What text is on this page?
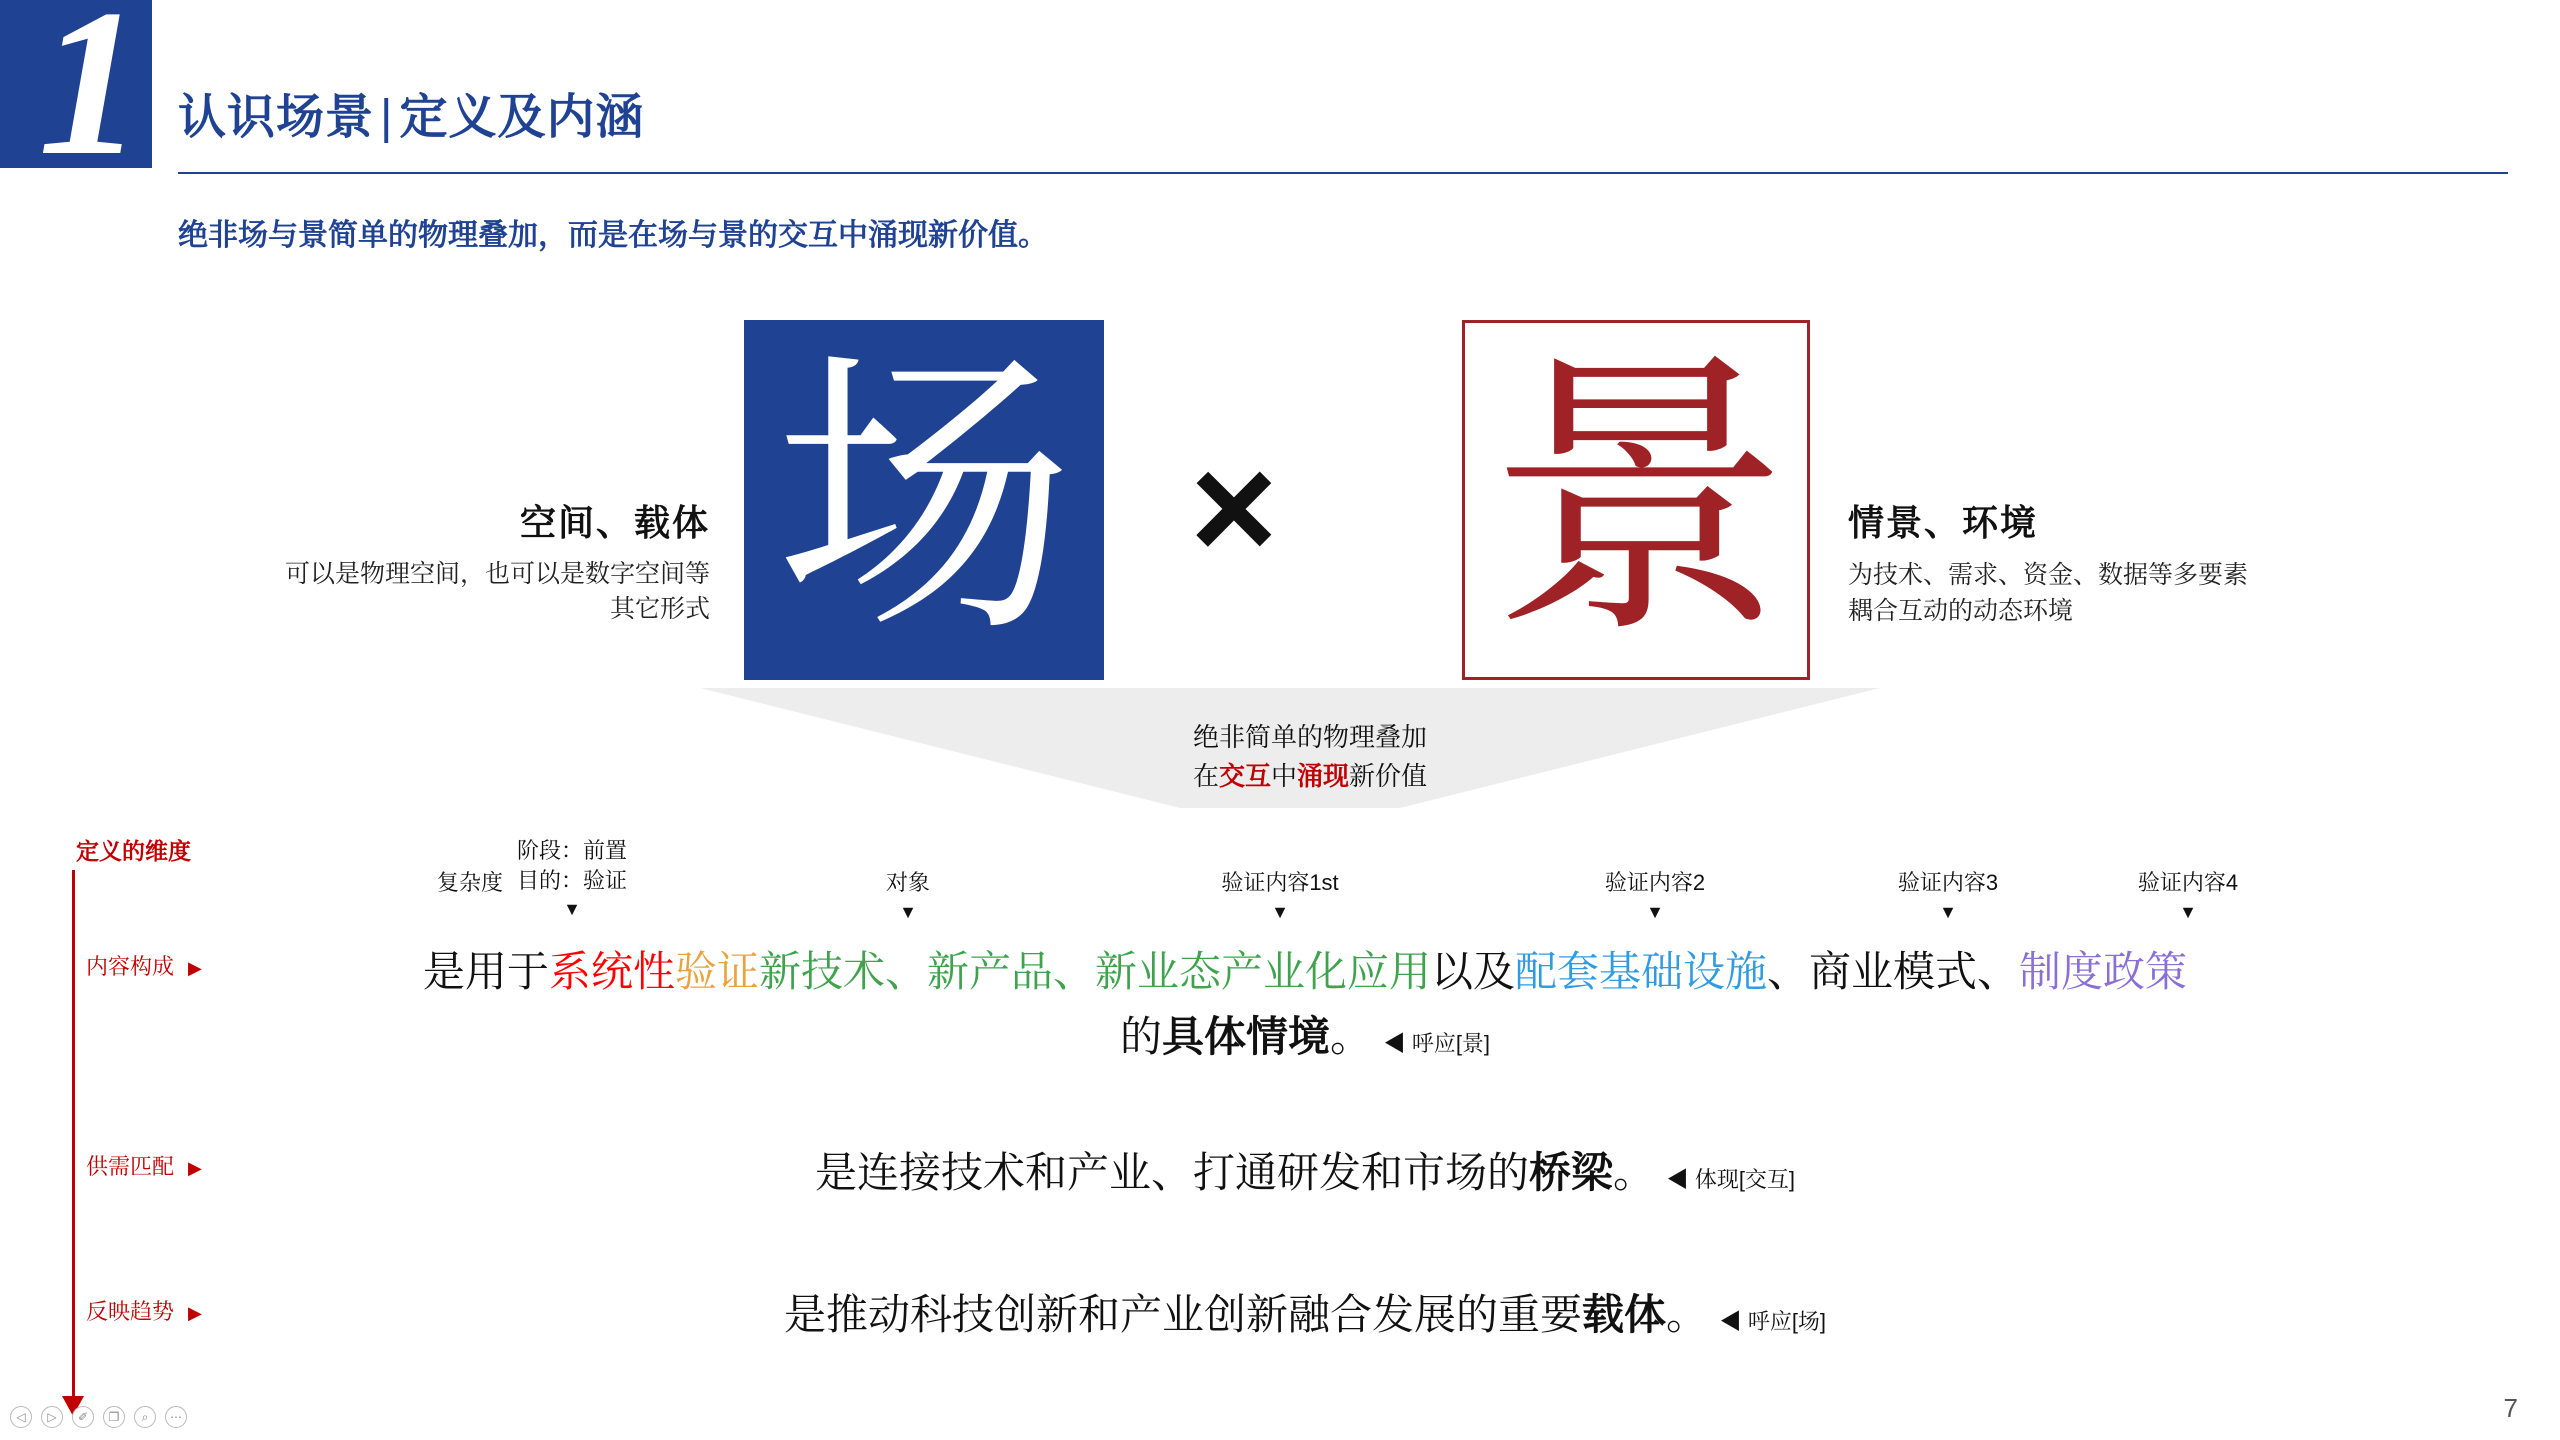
1 认识场景 | 定义及内涵
绝非场与景简单的物理叠加，而是在场与景的交互中涌现新价值。
场 × 景
空间、载体
可以是物理空间，也可以是数字空间等其它形式
情景、环境
为技术、需求、资金、数据等多要素
耦合互动的动态环境
绝非简单的物理叠加
在交互中涌现新价值
定义的维度
内容构成 ▶
供需匹配 ▶
反映趋势 ▶
复杂度
阶段：前置
目的：验证
▼
对象
▼
验证内容1st
▼
验证内容2
▼
验证内容3
▼
验证内容4
▼
是用于系统性验证新技术、新产品、新业态产业化应用以及配套基础设施、商业模式、制度政策
的具体情境。 ◀ 呼应[景]
是连接技术和产业、打通研发和市场的桥梁。 ◀ 体现[交互]
是推动科技创新和产业创新融合发展的重要载体。 ◀ 呼应[场]
◁	▷	✐	❐	⌕	⋯	7
